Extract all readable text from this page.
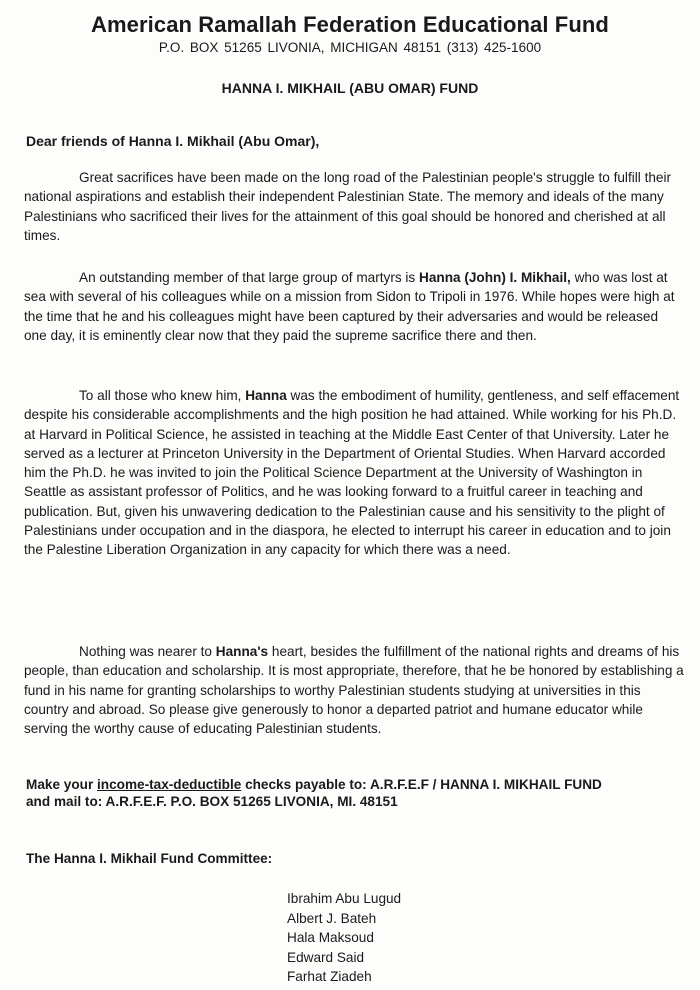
American Ramallah Federation Educational Fund

P.O. BOX 51265 LIVONIA, MICHIGAN 48151 (313) 425-1600

HANNA I. MIKHAIL (ABU OMAR) FUND

Dear friends of Hanna I. Mikhail (Abu Omar),

Great sacrifices have been made on the long road of the Palestinian people's struggle to fulfill their national aspirations and establish their independent Palestinian State. The memory and ideals of the many Palestinians who sacrificed their lives for the attainment of this goal should be honored and cherished at all times.

An outstanding member of that large group of martyrs is Hanna (John) I. Mikhail, who was lost at sea with several of his colleagues while on a mission from Sidon to Tripoli in 1976. While hopes were high at the time that he and his colleagues might have been captured by their adversaries and would be released one day, it is eminently clear now that they paid the supreme sacrifice there and then.

To all those who knew him, Hanna was the embodiment of humility, gentleness, and self effacement despite his considerable accomplishments and the high position he had attained. While working for his Ph.D. at Harvard in Political Science, he assisted in teaching at the Middle East Center of that University. Later he served as a lecturer at Princeton University in the Department of Oriental Studies. When Harvard accorded him the Ph.D. he was invited to join the Political Science Department at the University of Washington in Seattle as assistant professor of Politics, and he was looking forward to a fruitful career in teaching and publication. But, given his unwavering dedication to the Palestinian cause and his sensitivity to the plight of Palestinians under occupation and in the diaspora, he elected to interrupt his career in education and to join the Palestine Liberation Organization in any capacity for which there was a need.

Nothing was nearer to Hanna's heart, besides the fulfillment of the national rights and dreams of his people, than education and scholarship. It is most appropriate, therefore, that he be honored by establishing a fund in his name for granting scholarships to worthy Palestinian students studying at universities in this country and abroad. So please give generously to honor a departed patriot and humane educator while serving the worthy cause of educating Palestinian students.

Make your income-tax-deductible checks payable to: A.R.F.E.F / HANNA I. MIKHAIL FUND
and mail to: A.R.F.E.F. P.O. BOX 51265 LIVONIA, MI. 48151

The Hanna I. Mikhail Fund Committee:

Ibrahim Abu Lugud
Albert J. Bateh
Hala Maksoud
Edward Said
Farhat Ziadeh
